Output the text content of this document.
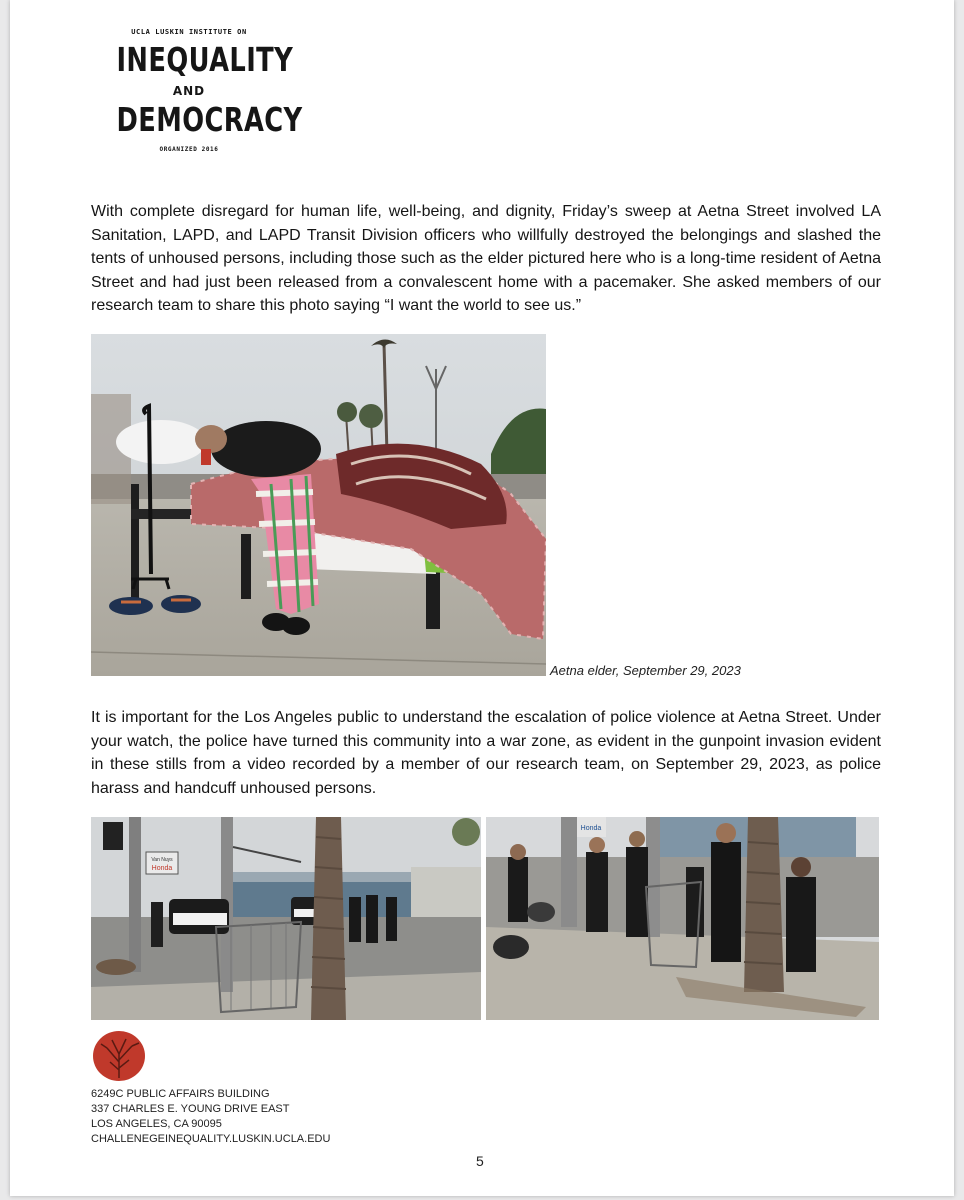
UCLA LUSKIN INSTITUTE ON
INEQUALITY
AND
DEMOCRACY
ORGANIZED 2016

With complete disregard for human life, well-being, and dignity, Friday’s sweep at Aetna Street involved LA Sanitation, LAPD, and LAPD Transit Division officers who willfully destroyed the belongings and slashed the tents of unhoused persons, including those such as the elder pictured here who is a long-time resident of Aetna Street and had just been released from a convalescent home with a pacemaker. She asked members of our research team to share this photo saying “I want the world to see us.”

Aetna elder, September 29, 2023

It is important for the Los Angeles public to understand the escalation of police violence at Aetna Street. Under your watch, the police have turned this community into a war zone, as evident in the gunpoint invasion evident in these stills from a video recorded by a member of our research team, on September 29, 2023, as police harass and handcuff unhoused persons.

Van Nuys
Honda
Honda
6249C PUBLIC AFFAIRS BUILDING
337 CHARLES E. YOUNG DRIVE EAST
LOS ANGELES, CA 90095
CHALLENEGEINEQUALITY.LUSKIN.UCLA.EDU
5
